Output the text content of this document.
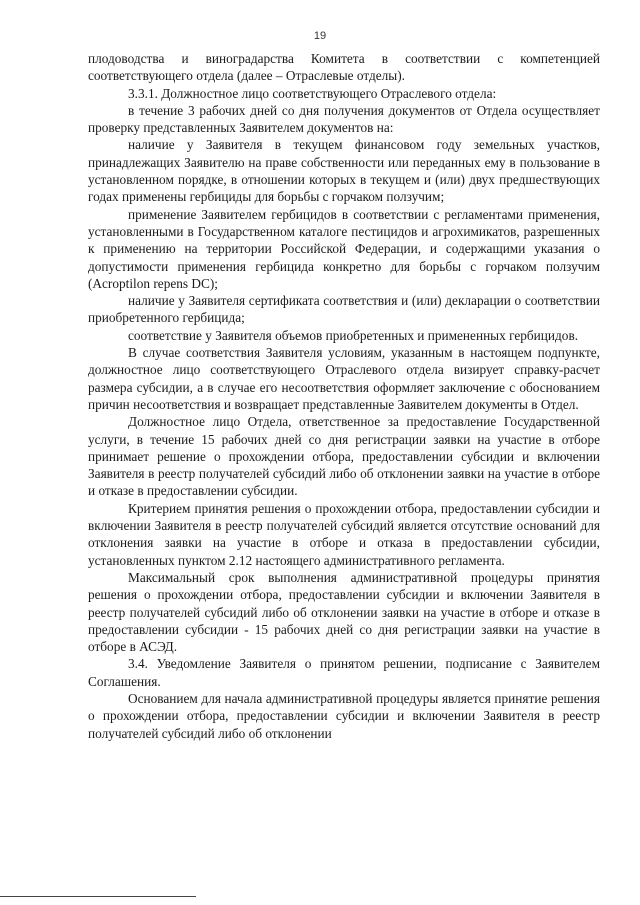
19

плодоводства и виноградарства Комитета в соответствии с компетенцией соответствующего отдела (далее – Отраслевые отделы).

3.3.1. Должностное лицо соответствующего Отраслевого отдела:

в течение 3 рабочих дней со дня получения документов от Отдела осуществляет проверку представленных Заявителем документов на:

наличие у Заявителя в текущем финансовом году земельных участков, принадлежащих Заявителю на праве собственности или переданных ему в пользование в установленном порядке, в отношении которых в текущем и (или) двух предшествующих годах применены гербициды для борьбы с горчаком ползучим;

применение Заявителем гербицидов в соответствии с регламентами применения, установленными в Государственном каталоге пестицидов и агрохимикатов, разрешенных к применению на территории Российской Федерации, и содержащими указания о допустимости применения гербицида конкретно для борьбы с горчаком ползучим (Acroptilon repens DC);

наличие у Заявителя сертификата соответствия и (или) декларации о соответствии приобретенного гербицида;

соответствие у Заявителя объемов приобретенных и примененных гербицидов.

В случае соответствия Заявителя условиям, указанным в настоящем подпункте, должностное лицо соответствующего Отраслевого отдела визирует справку-расчет размера субсидии, а в случае его несоответствия оформляет заключение с обоснованием причин несоответствия и возвращает представленные Заявителем документы в Отдел.

Должностное лицо Отдела, ответственное за предоставление Государственной услуги, в течение 15 рабочих дней со дня регистрации заявки на участие в отборе принимает решение о прохождении отбора, предоставлении субсидии и включении Заявителя в реестр получателей субсидий либо об отклонении заявки на участие в отборе и отказе в предоставлении субсидии.

Критерием принятия решения о прохождении отбора, предоставлении субсидии и включении Заявителя в реестр получателей субсидий является отсутствие оснований для отклонения заявки на участие в отборе и отказа в предоставлении субсидии, установленных пунктом 2.12 настоящего административного регламента.

Максимальный срок выполнения административной процедуры принятия решения о прохождении отбора, предоставлении субсидии и включении Заявителя в реестр получателей субсидий либо об отклонении заявки на участие в отборе и отказе в предоставлении субсидии - 15 рабочих дней со дня регистрации заявки на участие в отборе в АСЭД.

3.4. Уведомление Заявителя о принятом решении, подписание с Заявителем Соглашения.

Основанием для начала административной процедуры является принятие решения о прохождении отбора, предоставлении субсидии и включении Заявителя в реестр получателей субсидий либо об отклонении
